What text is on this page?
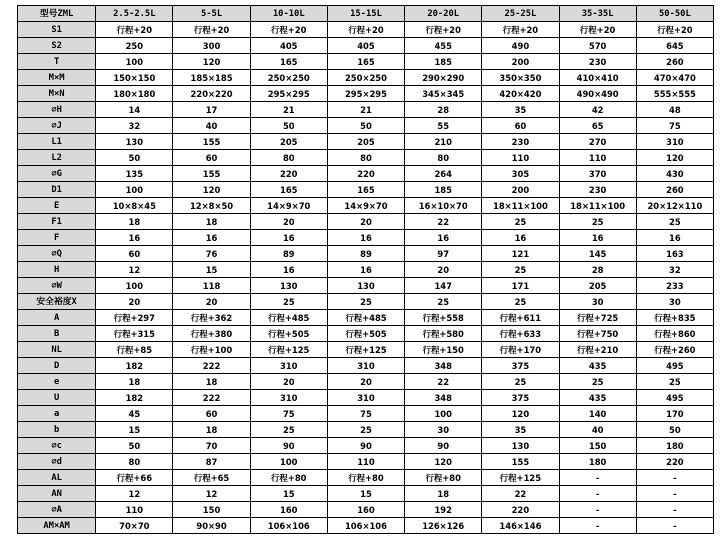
型号ZML	2.5-2.5L	5-5L	10-10L	15-15L	20-20L	25-25L	35-35L	50-50L
S1	行程+20	行程+20	行程+20	行程+20	行程+20	行程+20	行程+20	行程+20
S2	250	300	405	405	455	490	570	645
T	100	120	165	165	185	200	230	260
M×M	150×150	185×185	250×250	250×250	290×290	350×350	410×410	470×470
M×N	180×180	220×220	295×295	295×295	345×345	420×420	490×490	555×555
⌀H	14	17	21	21	28	35	42	48
⌀J	32	40	50	50	55	60	65	75
L1	130	155	205	205	210	230	270	310
L2	50	60	80	80	80	110	110	120
⌀G	135	155	220	220	264	305	370	430
D1	100	120	165	165	185	200	230	260
E	10×8×45	12×8×50	14×9×70	14×9×70	16×10×70	18×11×100	18×11×100	20×12×110
F1	18	18	20	20	22	25	25	25
F	16	16	16	16	16	16	16	16
⌀Q	60	76	89	89	97	121	145	163
H	12	15	16	16	20	25	28	32
⌀W	100	118	130	130	147	171	205	233
安全裕度X	20	20	25	25	25	25	30	30
A	行程+297	行程+362	行程+485	行程+485	行程+558	行程+611	行程+725	行程+835
B	行程+315	行程+380	行程+505	行程+505	行程+580	行程+633	行程+750	行程+860
NL	行程+85	行程+100	行程+125	行程+125	行程+150	行程+170	行程+210	行程+260
D	182	222	310	310	348	375	435	495
e	18	18	20	20	22	25	25	25
U	182	222	310	310	348	375	435	495
a	45	60	75	75	100	120	140	170
b	15	18	25	25	30	35	40	50
⌀c	50	70	90	90	90	130	150	180
⌀d	80	87	100	110	120	155	180	220
AL	行程+66	行程+65	行程+80	行程+80	行程+80	行程+125	-	-
AN	12	12	15	15	18	22	-	-
⌀A	110	150	160	160	192	220	-	-
AM×AM	70×70	90×90	106×106	106×106	126×126	146×146	-	-
